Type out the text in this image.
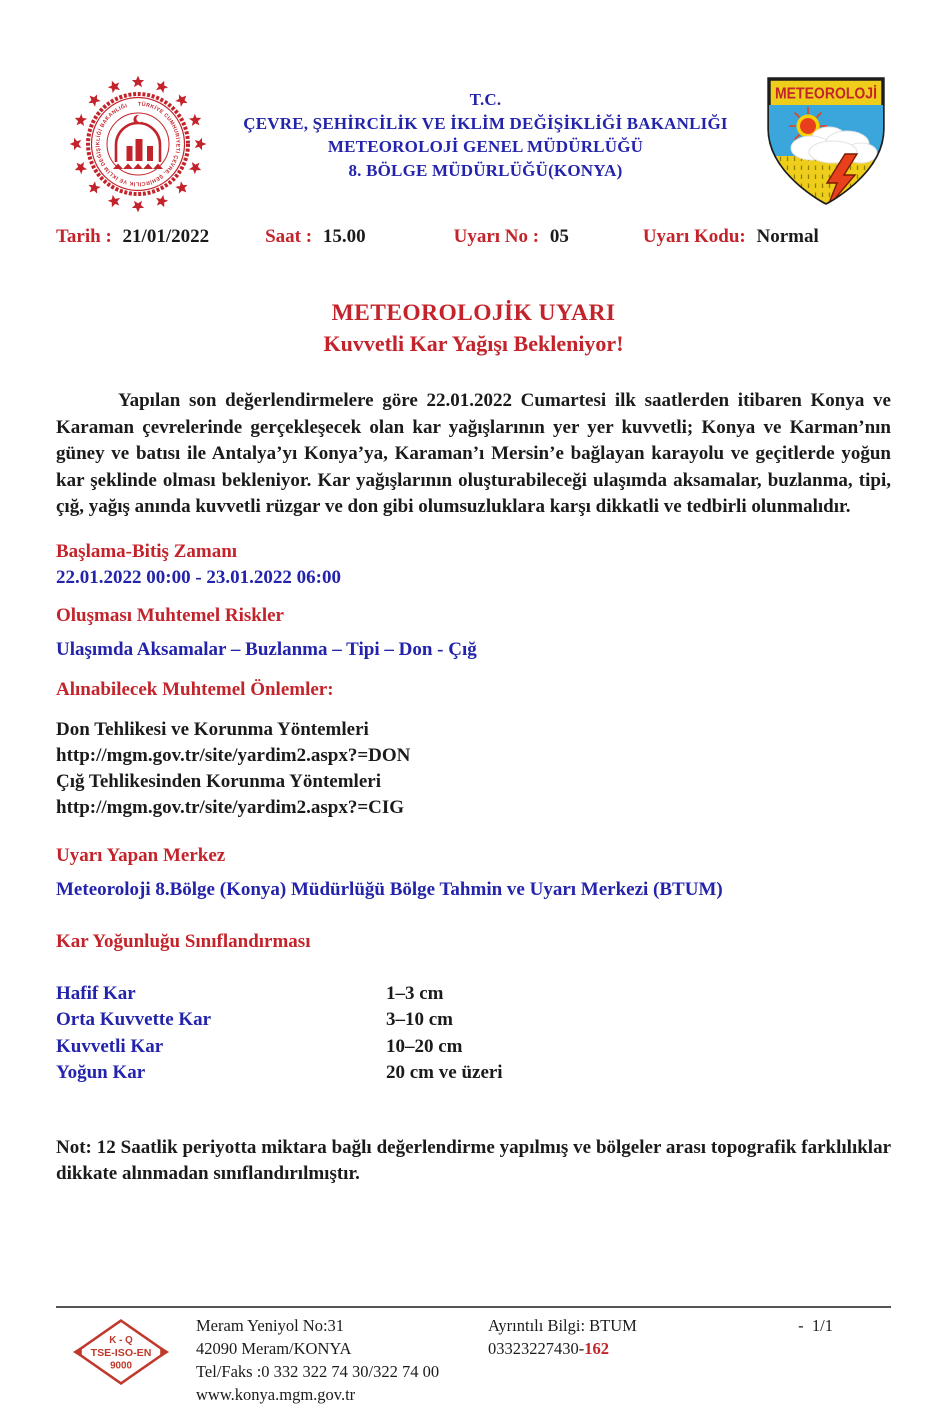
TÜRKİYE CUMHURİYETİ ÇEVRE, ŞEHİRCİLİK VE İKLİM DEĞİŞİKLİĞİ BAKANLIĞI	T.C.
ÇEVRE, ŞEHİRCİLİK VE İKLİM DEĞİŞİKLİĞİ BAKANLIĞI
METEOROLOJİ GENEL MÜDÜRLÜĞÜ
8. BÖLGE MÜDÜRLÜĞÜ(KONYA)
METEOROLOJİ
Tarih : 21/01/2022	Saat : 15.00	Uyarı No : 05	Uyarı Kodu: Normal
METEOROLOJİK UYARI
Kuvvetli Kar Yağışı Bekleniyor!

Yapılan son değerlendirmelere göre 22.01.2022 Cumartesi ilk saatlerden itibaren Konya ve Karaman çevrelerinde gerçekleşecek olan kar yağışlarının yer yer kuvvetli; Konya ve Karman’nın güney ve batısı ile Antalya’yı Konya’ya, Karaman’ı Mersin’e bağlayan karayolu ve geçitlerde yoğun kar şeklinde olması bekleniyor. Kar yağışlarının oluşturabileceği ulaşımda aksamalar, buzlanma, tipi, çığ, yağış anında kuvvetli rüzgar ve don gibi olumsuzluklara karşı dikkatli ve tedbirli olunmalıdır.

Başlama-Bitiş Zamanı
22.01.2022 00:00 - 23.01.2022 06:00
Oluşması Muhtemel Riskler
Ulaşımda Aksamalar – Buzlanma – Tipi – Don - Çığ
Alınabilecek Muhtemel Önlemler:
Don Tehlikesi ve Korunma Yöntemleri
http://mgm.gov.tr/site/yardim2.aspx?=DON
Çığ Tehlikesinden Korunma Yöntemleri
http://mgm.gov.tr/site/yardim2.aspx?=CIG
Uyarı Yapan Merkez
Meteoroloji 8.Bölge (Konya) Müdürlüğü Bölge Tahmin ve Uyarı Merkezi (BTUM)
Kar Yoğunluğu Sınıflandırması
Hafif Kar	1–3 cm
Orta Kuvvette Kar	3–10 cm
Kuvvetli Kar	10–20 cm
Yoğun Kar	20 cm ve üzeri

Not: 12 Saatlik periyotta miktara bağlı değerlendirme yapılmış ve bölgeler arası topografik farklılıklar dikkate alınmadan sınıflandırılmıştır.

K - Q
TSE-ISO-EN
9000
Meram Yeniyol No:31
42090 Meram/KONYA
Tel/Faks :0 332 322 74 30/322 74 00
www.konya.mgm.gov.tr
Ayrıntılı Bilgi: BTUM
03323227430-162
-  1/1
